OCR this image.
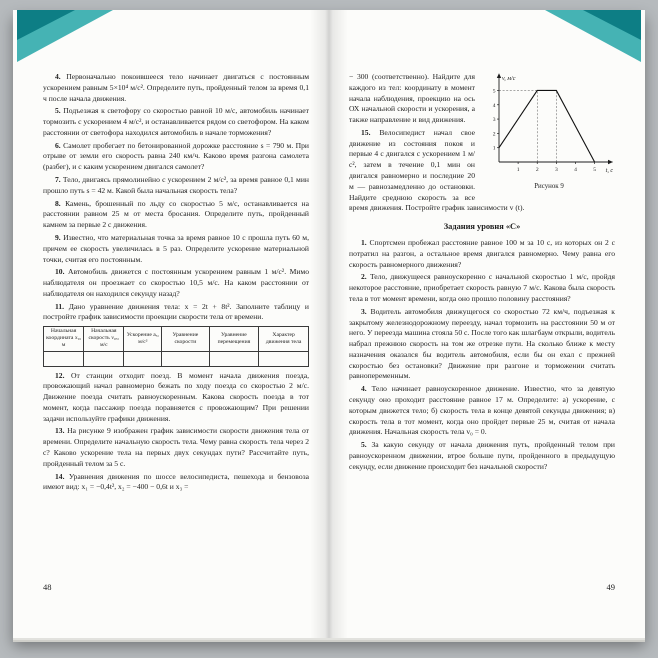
4. Первоначально покоившееся тело начинает двигаться с постоянным ускорением равным 5×10⁴ м/с². Определите путь, пройденный телом за время 0,1 ч после начала движения.

5. Подъезжая к светофору со скоростью равной 10 м/с, автомобиль начинает тормозить с ускорением 4 м/с², и останавливается рядом со светофором. На каком расстоянии от светофора находился автомобиль в начале торможения?

6. Самолет пробегает по бетонированной дорожке расстояние s = 790 м. При отрыве от земли его скорость равна 240 км/ч. Каково время разгона самолета (разбег), и с каким ускорением двигался самолет?

7. Тело, двигаясь прямолинейно с ускорением 2 м/с², за время равное 0,1 мин прошло путь s = 42 м. Какой была начальная скорость тела?

8. Камень, брошенный по льду со скоростью 5 м/с, останавливается на расстоянии равном 25 м от места бросания. Определите путь, пройденный камнем за первые 2 с движения.

9. Известно, что материальная точка за время равное 10 с прошла путь 60 м, причем ее скорость увеличилась в 5 раз. Определите ускорение материальной точки, считая его постоянным.

10. Автомобиль движется с постоянным ускорением равным 1 м/с². Мимо наблюдателя он проезжает со скоростью 10,5 м/с. На каком расстоянии от наблюдателя он находился секунду назад?

11. Дано уравнение движения тела: x = 2t + 8t². Заполните таблицу и постройте график зависимости проекции скорости тела от времени.

Начальная координата x₀, м	Начальная скорость v₀ₓ, м/с	Ускорение aₓ, м/с²	Уравнение скорости	Уравнение перемещения	Характер движения тела

12. От станции отходит поезд. В момент начала движения поезда, провожающий начал равномерно бежать по ходу поезда со скоростью 2 м/с. Движение поезда считать равноускоренным. Какова скорость поезда в тот момент, когда пассажир поезда поравняется с провожающим? При решении задачи используйте графики движения.

13. На рисунке 9 изображен график зависимости скорости движения тела от времени. Определите начальную скорость тела. Чему равна скорость тела через 2 с? Каково ускорение тела на первых двух секундах пути? Рассчитайте путь, пройденный телом за 5 с.

14. Уравнения движения по шоссе велосипедиста, пешехода и бензовоза имеют вид: x₁ = −0,4t², x₂ = −400 − 0,6t и x₃ =

48
1	2	3	4	5
1
2
3
4
5
v, м/с
t, с
Рисунок 9

− 300 (соответственно). Найдите для каждого из тел: координату в момент начала наблюдения, проекцию на ось ОХ начальной скорости и ускорения, а также направление и вид движения.

15. Велосипедист начал свое движение из состояния покоя и первые 4 с двигался с ускорением 1 м/с², затем в течение 0,1 мин он двигался равномерно и последние 20 м — равнозамедленно до остановки. Найдите среднюю скорость за все время движения. Постройте график зависимости v (t).

Задания уровня «С»

1. Спортсмен пробежал расстояние равное 100 м за 10 с, из которых он 2 с потратил на разгон, а остальное время двигался равномерно. Чему равна его скорость равномерного движения?

2. Тело, движущееся равноускоренно с начальной скоростью 1 м/с, пройдя некоторое расстояние, приобретает скорость равную 7 м/с. Какова была скорость тела в тот момент времени, когда оно прошло половину расстояния?

3. Водитель автомобиля движущегося со скоростью 72 км/ч, подъезжая к закрытому железнодорожному переезду, начал тормозить на расстоянии 50 м от него. У переезда машина стояла 50 с. После того как шлагбаум открыли, водитель набрал прежнюю скорость на том же отрезке пути. На сколько ближе к месту назначения оказался бы водитель автомобиля, если бы он ехал с прежней скоростью без остановки? Движение при разгоне и торможении считать равнопеременным.

4. Тело начинает равноускоренное движение. Известно, что за девятую секунду оно проходит расстояние равное 17 м. Определите: а) ускорение, с которым движется тело; б) скорость тела в конце девятой секунды движения; в) скорость тела в тот момент, когда оно пройдет первые 25 м, считая от начала движения. Начальная скорость тела v₀ = 0.

5. За какую секунду от начала движения путь, пройденный телом при равноускоренном движении, втрое больше пути, пройденного в предыдущую секунду, если движение происходит без начальной скорости?

49
